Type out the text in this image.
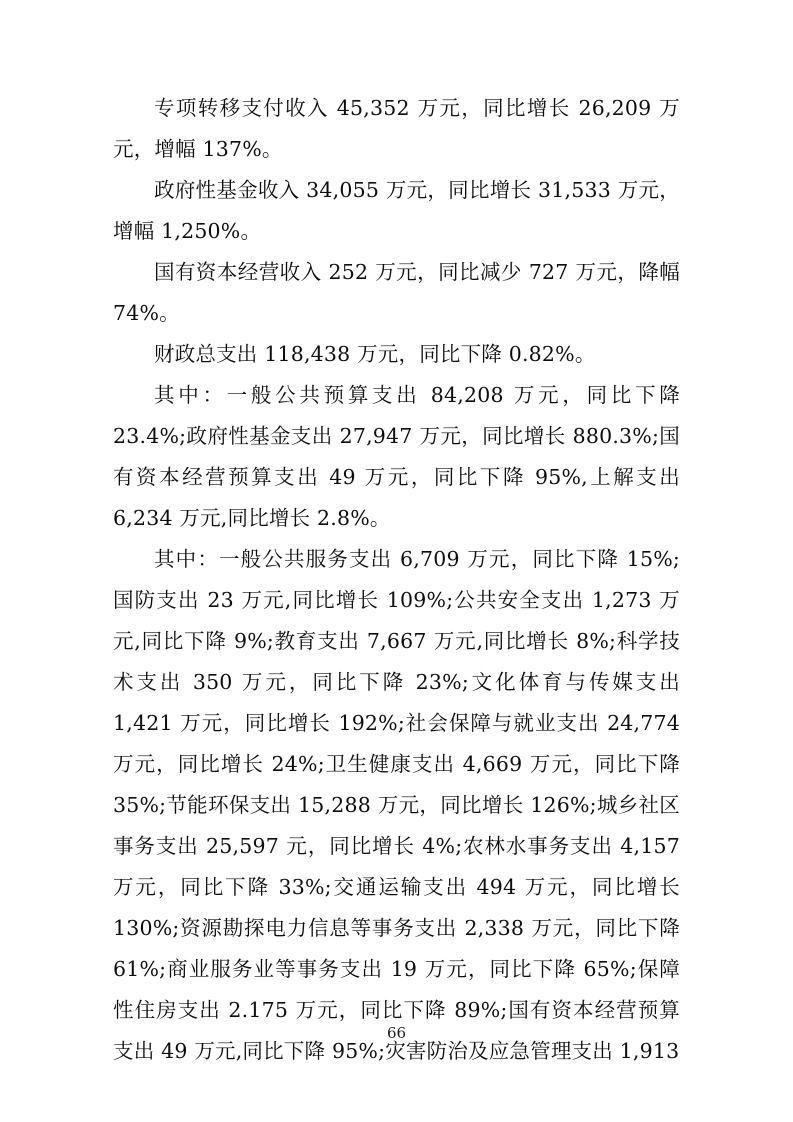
专项转移支付收入 45,352 万元，同比增长 26,209 万元，增幅 137%。

政府性基金收入 34,055 万元，同比增长 31,533 万元，增幅 1,250%。

国有资本经营收入 252 万元，同比减少 727 万元，降幅 74%。

财政总支出 118,438 万元，同比下降 0.82%。

其中：一般公共预算支出 84,208 万元，同比下降 23.4%;政府性基金支出 27,947 万元，同比增长 880.3%;国有资本经营预算支出 49 万元，同比下降 95%,上解支出 6,234 万元,同比增长 2.8%。

其中：一般公共服务支出 6,709 万元，同比下降 15%;国防支出 23 万元,同比增长 109%;公共安全支出 1,273 万元,同比下降 9%;教育支出 7,667 万元,同比增长 8%;科学技术支出 350 万元，同比下降 23%;文化体育与传媒支出 1,421 万元，同比增长 192%;社会保障与就业支出 24,774 万元，同比增长 24%;卫生健康支出 4,669 万元，同比下降 35%;节能环保支出 15,288 万元，同比增长 126%;城乡社区事务支出 25,597 元，同比增长 4%;农林水事务支出 4,157 万元，同比下降 33%;交通运输支出 494 万元，同比增长 130%;资源勘探电力信息等事务支出 2,338 万元，同比下降 61%;商业服务业等事务支出 19 万元，同比下降 65%;保障性住房支出 2.175 万元，同比下降 89%;国有资本经营预算支出 49 万元,同比下降 95%;灾害防治及应急管理支出 1,913

66
